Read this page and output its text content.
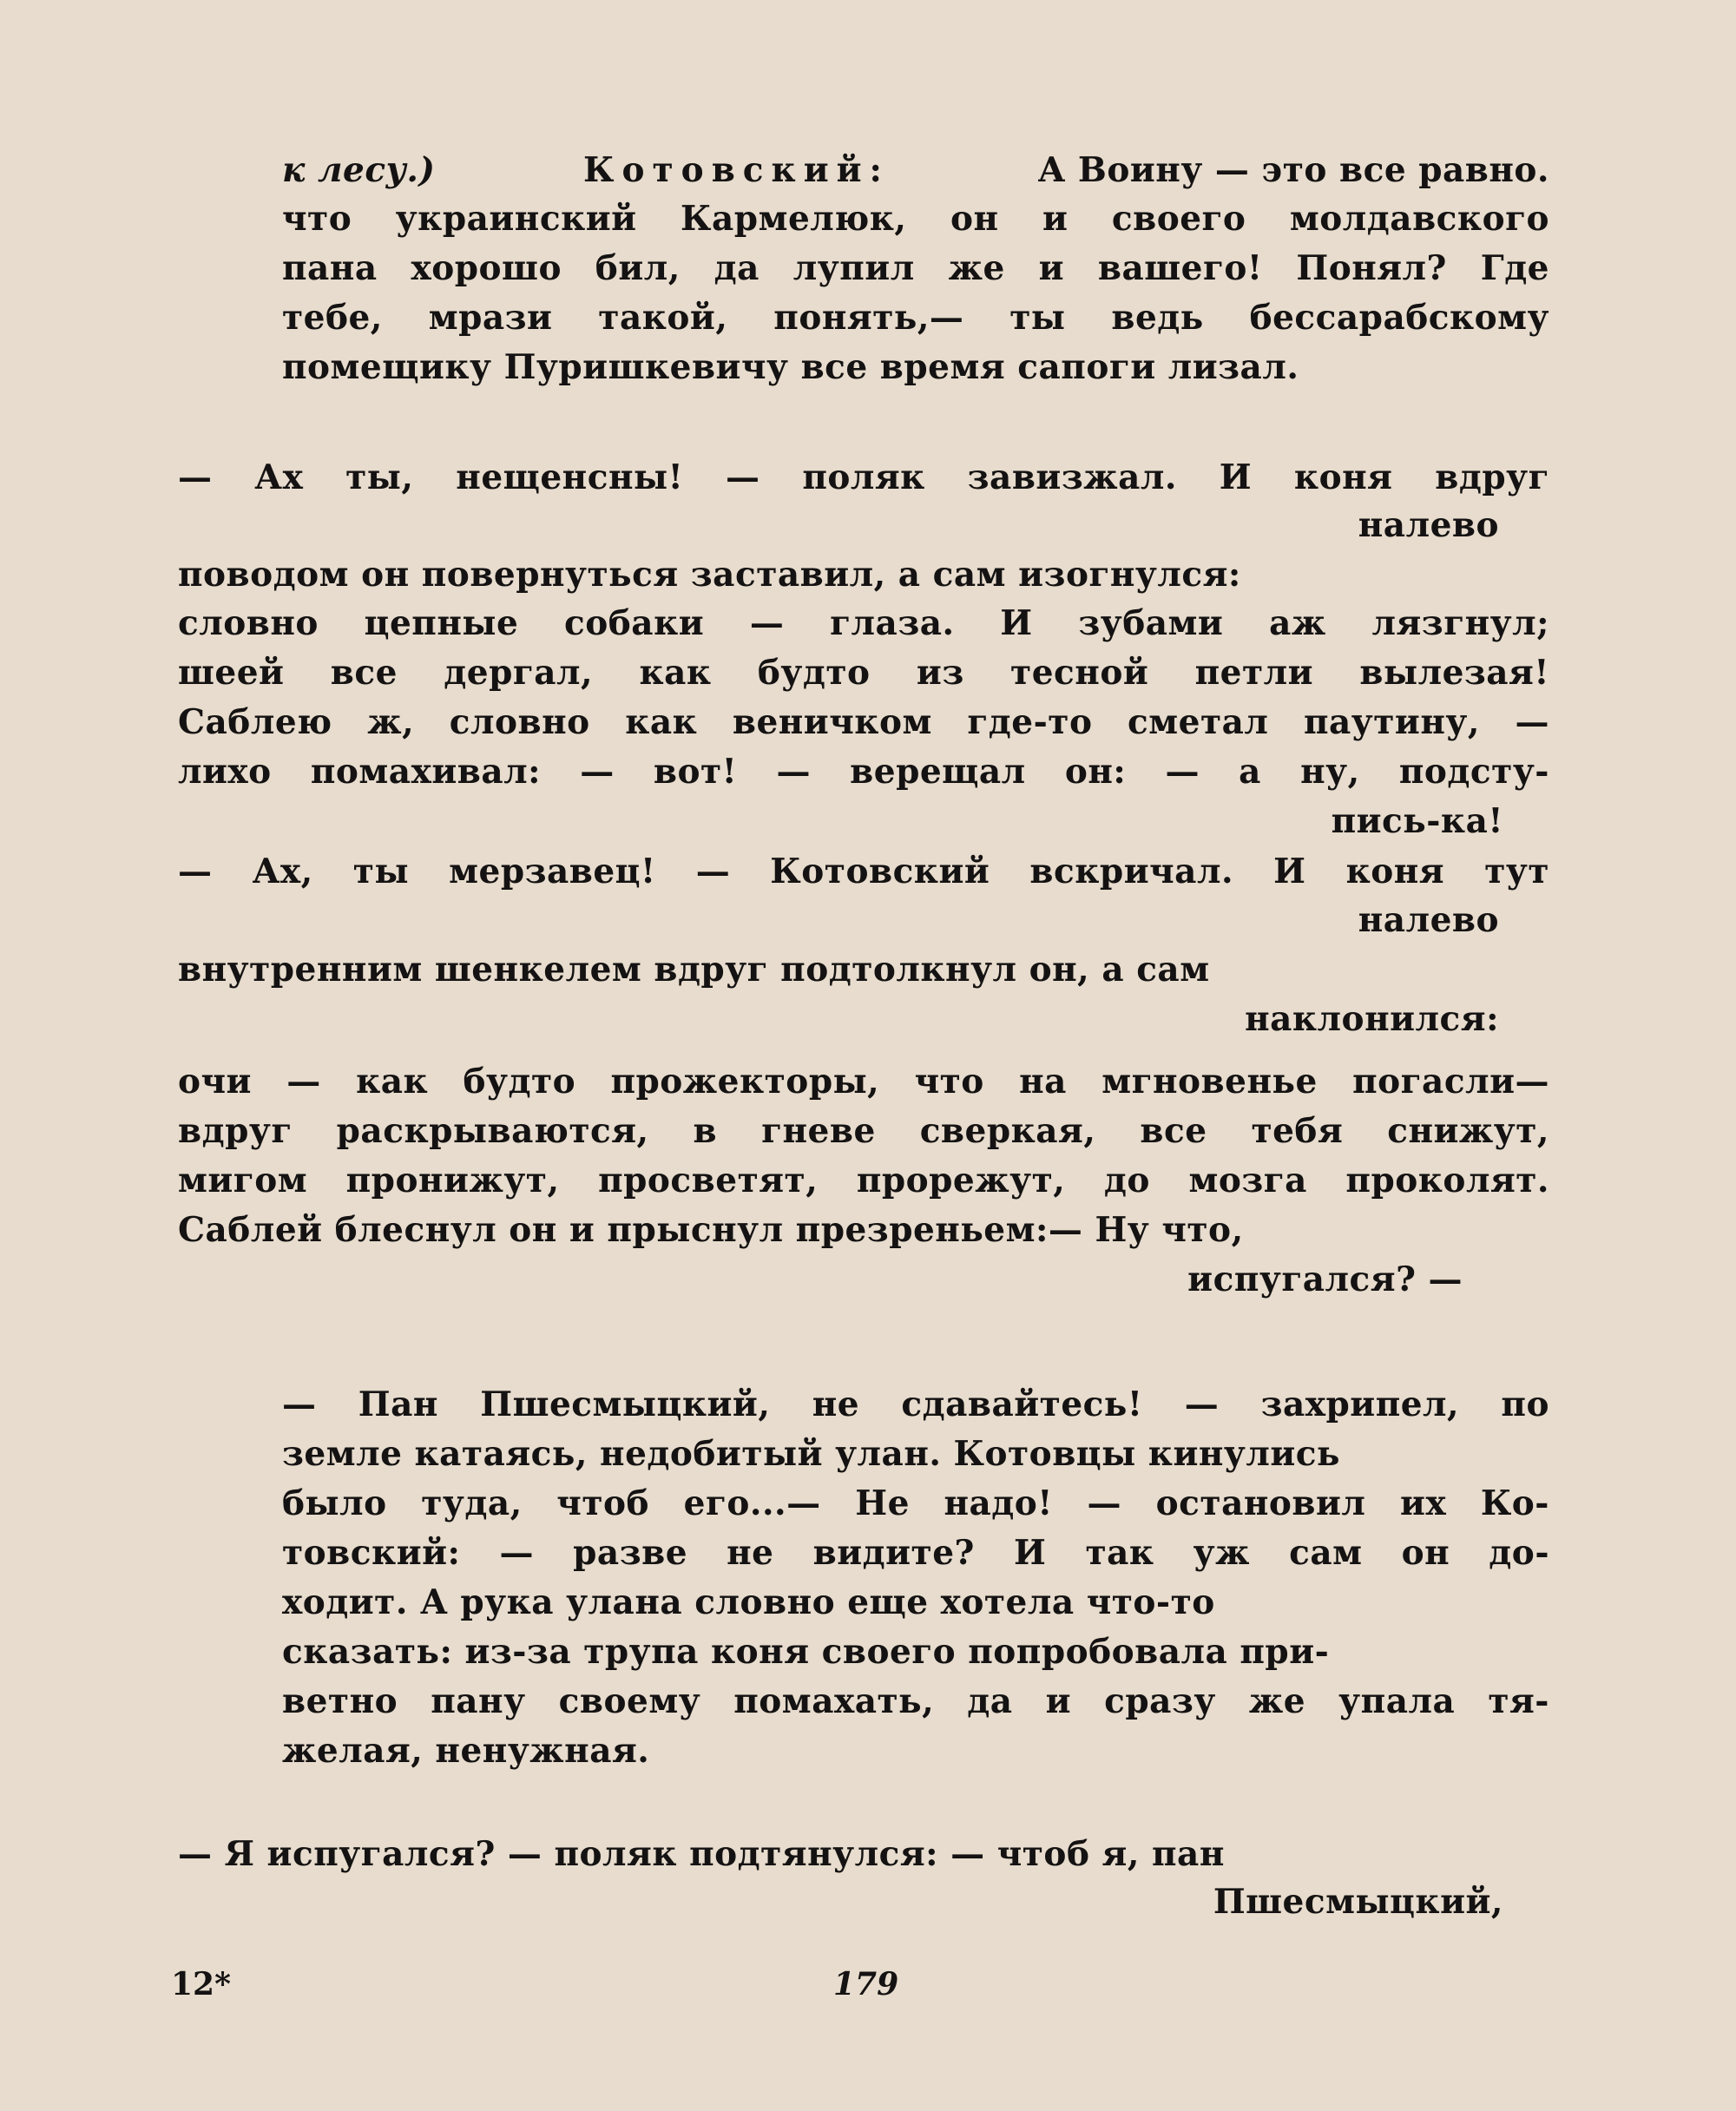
к лесу.)	Котовский:	А Воину — это все равно.
что украинский Кармелюк, он и своего молдавского
пана хорошо бил, да лупил же и вашего! Понял? Где
тебе, мрази такой, понять,— ты ведь бессарабскому
помещику Пуришкевичу все время сапоги лизал.
— Ах ты, нещенсны! — поляк завизжал. И коня вдруг
налево
поводом он повернуться заставил, а сам изогнулся:
словно цепные собаки — глаза. И зубами аж лязгнул;
шеей все дергал, как будто из тесной петли вылезая!
Саблею ж, словно как веничком где-то сметал паутину, —
лихо помахивал: — вот! — верещал он: — а ну, подсту-
пись-ка!
— Ах, ты мерзавец! — Котовский вскричал. И коня тут
налево
внутренним шенкелем вдруг подтолкнул он, а сам
наклонился:
очи — как будто прожекторы, что на мгновенье погасли—
вдруг раскрываются, в гневе сверкая, все тебя снижут,
мигом пронижут, просветят, прорежут, до мозга проколят.
Саблей блеснул он и прыснул презреньем:— Ну что,
испугался? —
— Пан Пшесмыцкий, не сдавайтесь! — захрипел, по
земле катаясь, недобитый улан. Котовцы кинулись
было туда, чтоб его...— Не надо! — остановил их Ко-
товский: — разве не видите? И так уж сам он до-
ходит. А рука улана словно еще хотела что-то
сказать: из-за трупа коня своего попробовала при-
ветно пану своему помахать, да и сразу же упала тя-
желая, ненужная.
— Я испугался? — поляк подтянулся: — чтоб я, пан
Пшесмыцкий,
12*	179
